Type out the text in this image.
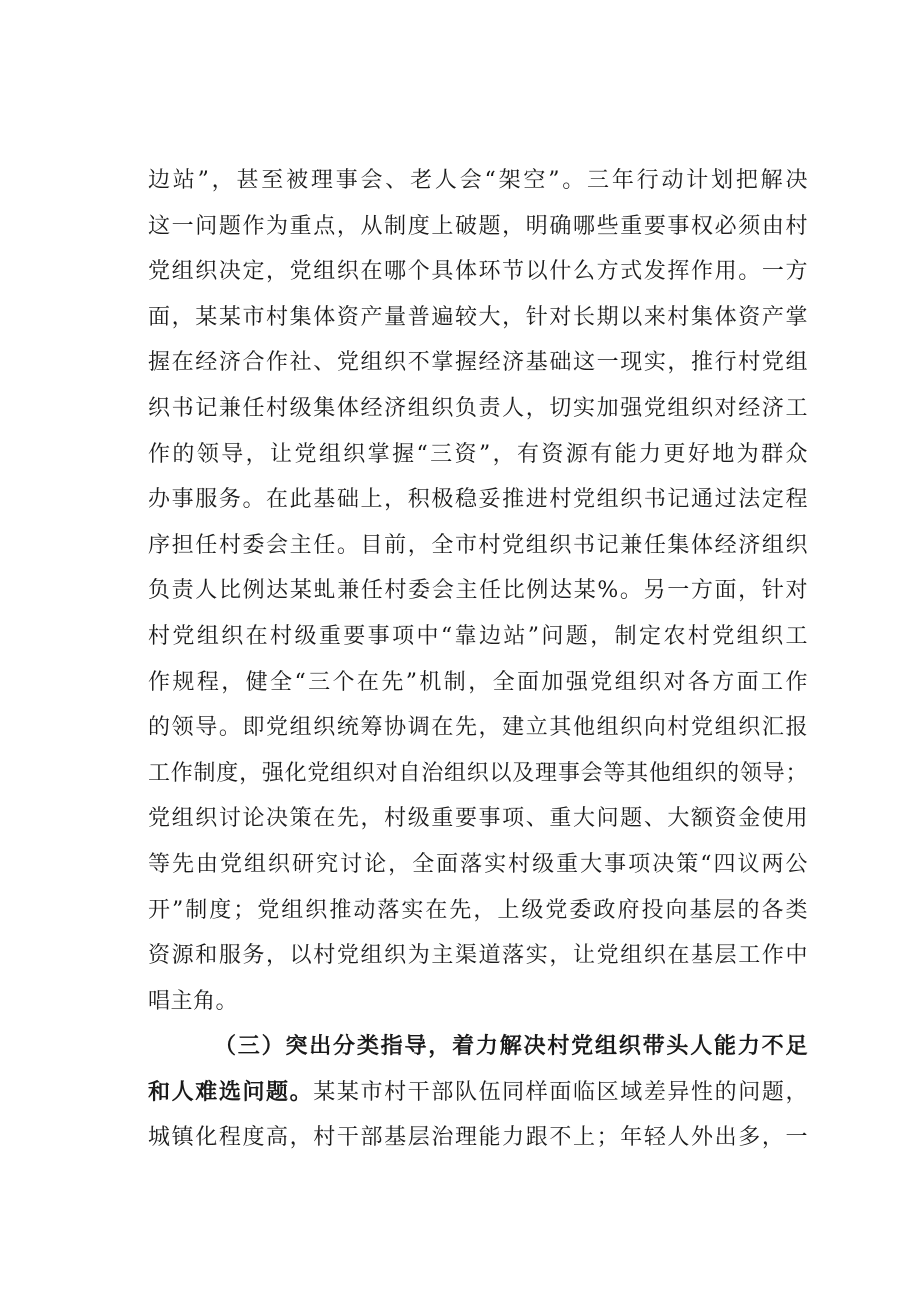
边站”，甚至被理事会、老人会“架空”。三年行动计划把解决
这一问题作为重点，从制度上破题，明确哪些重要事权必须由村
党组织决定，党组织在哪个具体环节以什么方式发挥作用。一方
面，某某市村集体资产量普遍较大，针对长期以来村集体资产掌
握在经济合作社、党组织不掌握经济基础这一现实，推行村党组
织书记兼任村级集体经济组织负责人，切实加强党组织对经济工
作的领导，让党组织掌握“三资”，有资源有能力更好地为群众
办事服务。在此基础上，积极稳妥推进村党组织书记通过法定程
序担任村委会主任。目前，全市村党组织书记兼任集体经济组织
负责人比例达某虬兼任村委会主任比例达某%。另一方面，针对
村党组织在村级重要事项中“靠边站”问题，制定农村党组织工
作规程，健全“三个在先”机制，全面加强党组织对各方面工作
的领导。即党组织统筹协调在先，建立其他组织向村党组织汇报
工作制度，强化党组织对自治组织以及理事会等其他组织的领导；
党组织讨论决策在先，村级重要事项、重大问题、大额资金使用
等先由党组织研究讨论，全面落实村级重大事项决策“四议两公
开”制度；党组织推动落实在先，上级党委政府投向基层的各类
资源和服务，以村党组织为主渠道落实，让党组织在基层工作中
唱主角。
（三）突出分类指导，着力解决村党组织带头人能力不足
和人难选问题。某某市村干部队伍同样面临区域差异性的问题，
城镇化程度高，村干部基层治理能力跟不上；年轻人外出多，一
